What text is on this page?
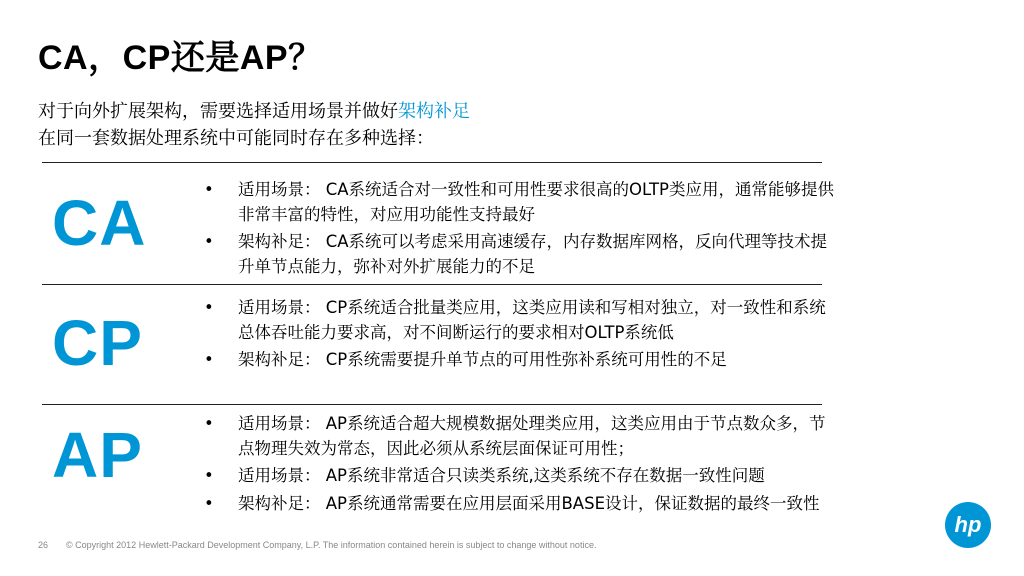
CA，CP还是AP？
对于向外扩展架构，需要选择适用场景并做好架构补足
在同一套数据处理系统中可能同时存在多种选择：
CA	• 适用场景： CA系统适合对一致性和可用性要求很高的OLTP类应用，通常能够提供非常丰富的特性，对应用功能性支持最好
• 架构补足： CA系统可以考虑采用高速缓存，内存数据库网格，反向代理等技术提升单节点能力，弥补对外扩展能力的不足
CP	• 适用场景： CP系统适合批量类应用，这类应用读和写相对独立，对一致性和系统总体吞吐能力要求高，对不间断运行的要求相对OLTP系统低
• 架构补足： CP系统需要提升单节点的可用性弥补系统可用性的不足
AP	• 适用场景： AP系统适合超大规模数据处理类应用，这类应用由于节点数众多，节点物理失效为常态，因此必须从系统层面保证可用性；
• 适用场景： AP系统非常适合只读类系统,这类系统不存在数据一致性问题
• 架构补足： AP系统通常需要在应用层面采用BASE设计，保证数据的最终一致性
26 © Copyright 2012 Hewlett-Packard Development Company, L.P. The information contained herein is subject to change without notice.
hp
